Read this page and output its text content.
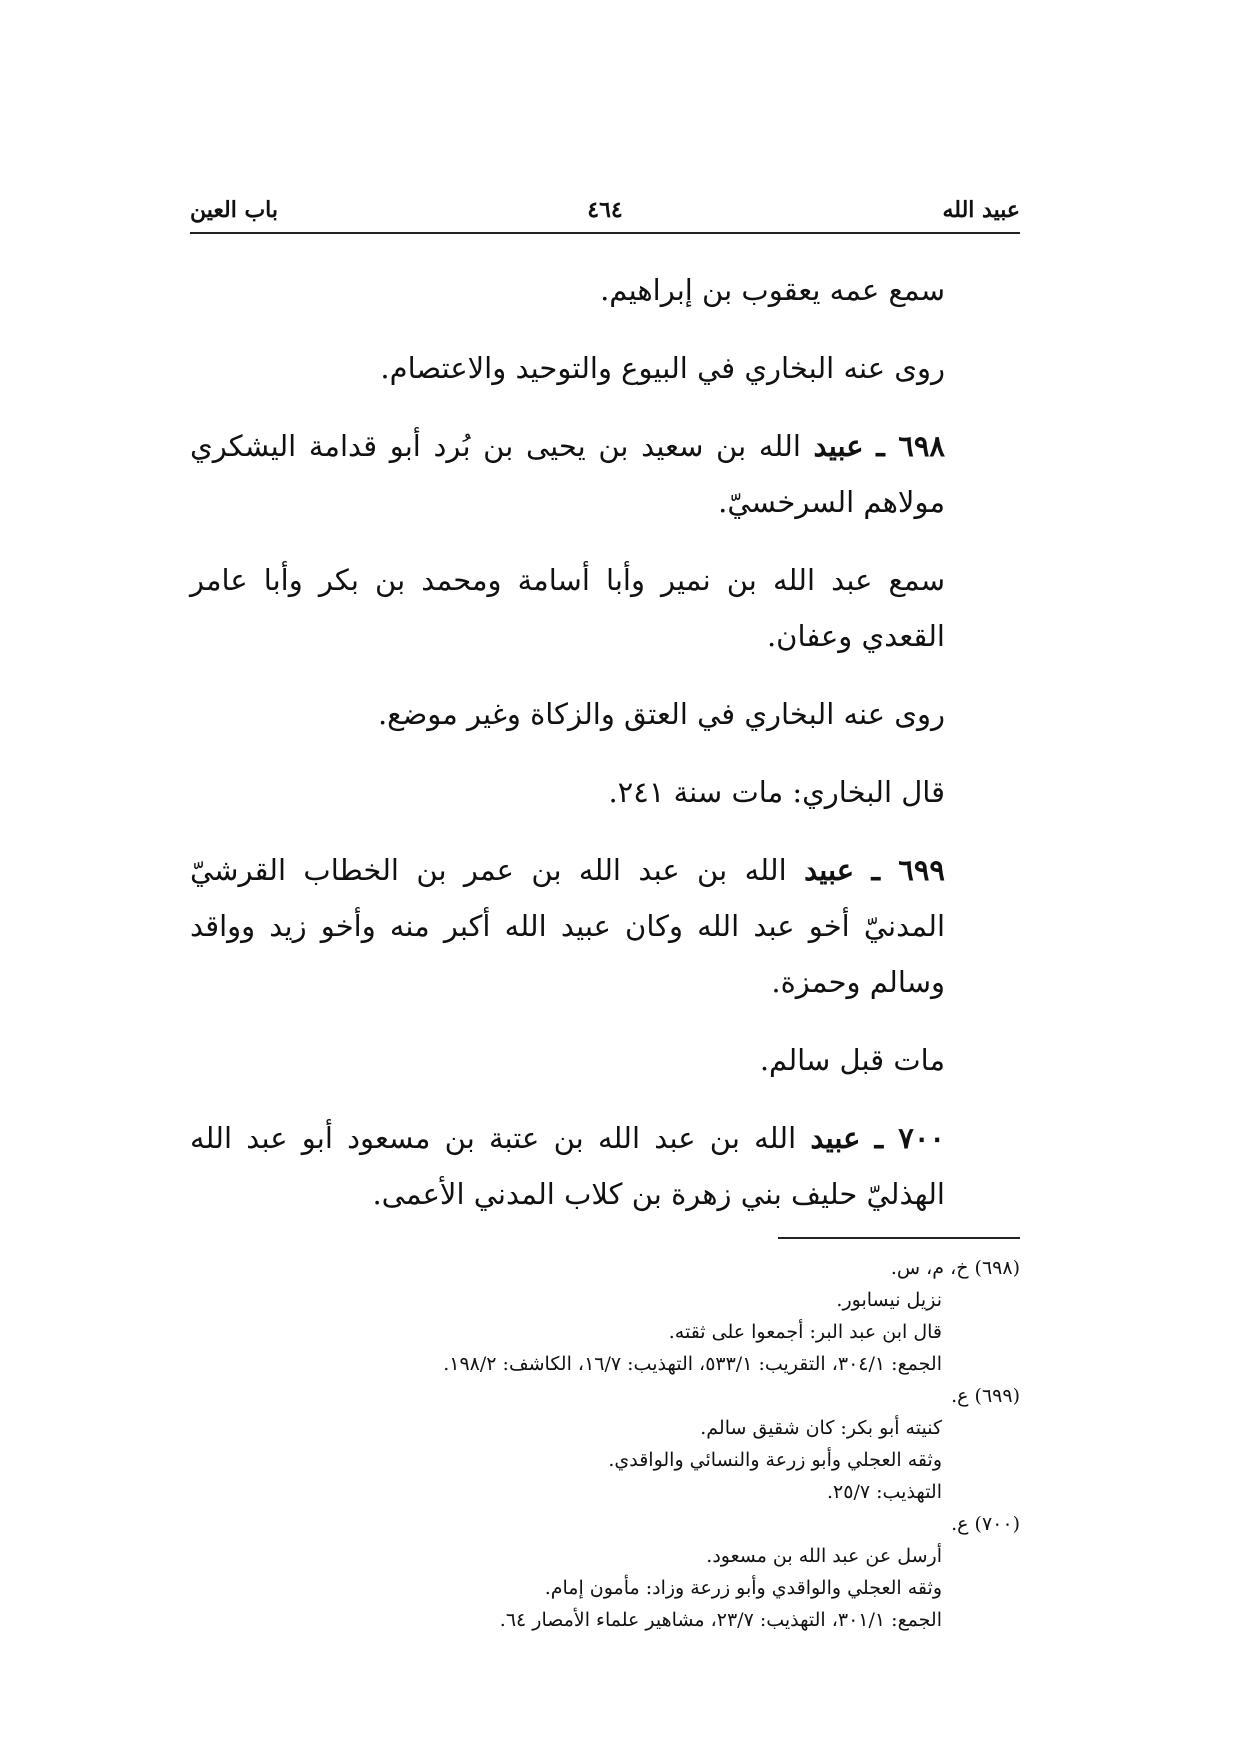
عبيد الله
٤٦٤
باب العين

سمع عمه يعقوب بن إبراهيم.

روى عنه البخاري في البيوع والتوحيد والاعتصام.

٦٩٨ ـ عبيد الله بن سعيد بن يحيى بن بُرد أبو قدامة اليشكري مولاهم السرخسيّ.

سمع عبد الله بن نمير وأبا أسامة ومحمد بن بكر وأبا عامر القعدي وعفان.

روى عنه البخاري في العتق والزكاة وغير موضع.

قال البخاري: مات سنة ٢٤١.

٦٩٩ ـ عبيد الله بن عبد الله بن عمر بن الخطاب القرشيّ المدنيّ أخو عبد الله وكان عبيد الله أكبر منه وأخو زيد وواقد وسالم وحمزة.

مات قبل سالم.

٧٠٠ ـ عبيد الله بن عبد الله بن عتبة بن مسعود أبو عبد الله الهذليّ حليف بني زهرة بن كلاب المدني الأعمى.

(٦٩٨) خ، م، س.

نزيل نيسابور.

قال ابن عبد البر: أجمعوا على ثقته.

الجمع: ٣٠٤/١، التقريب: ٥٣٣/١، التهذيب: ١٦/٧، الكاشف: ١٩٨/٢.

(٦٩٩) ع.

كنيته أبو بكر: كان شقيق سالم.

وثقه العجلي وأبو زرعة والنسائي والواقدي.

التهذيب: ٢٥/٧.

(٧٠٠) ع.

أرسل عن عبد الله بن مسعود.

وثقه العجلي والواقدي وأبو زرعة وزاد: مأمون إمام.

الجمع: ٣٠١/١، التهذيب: ٢٣/٧، مشاهير علماء الأمصار ٦٤.
